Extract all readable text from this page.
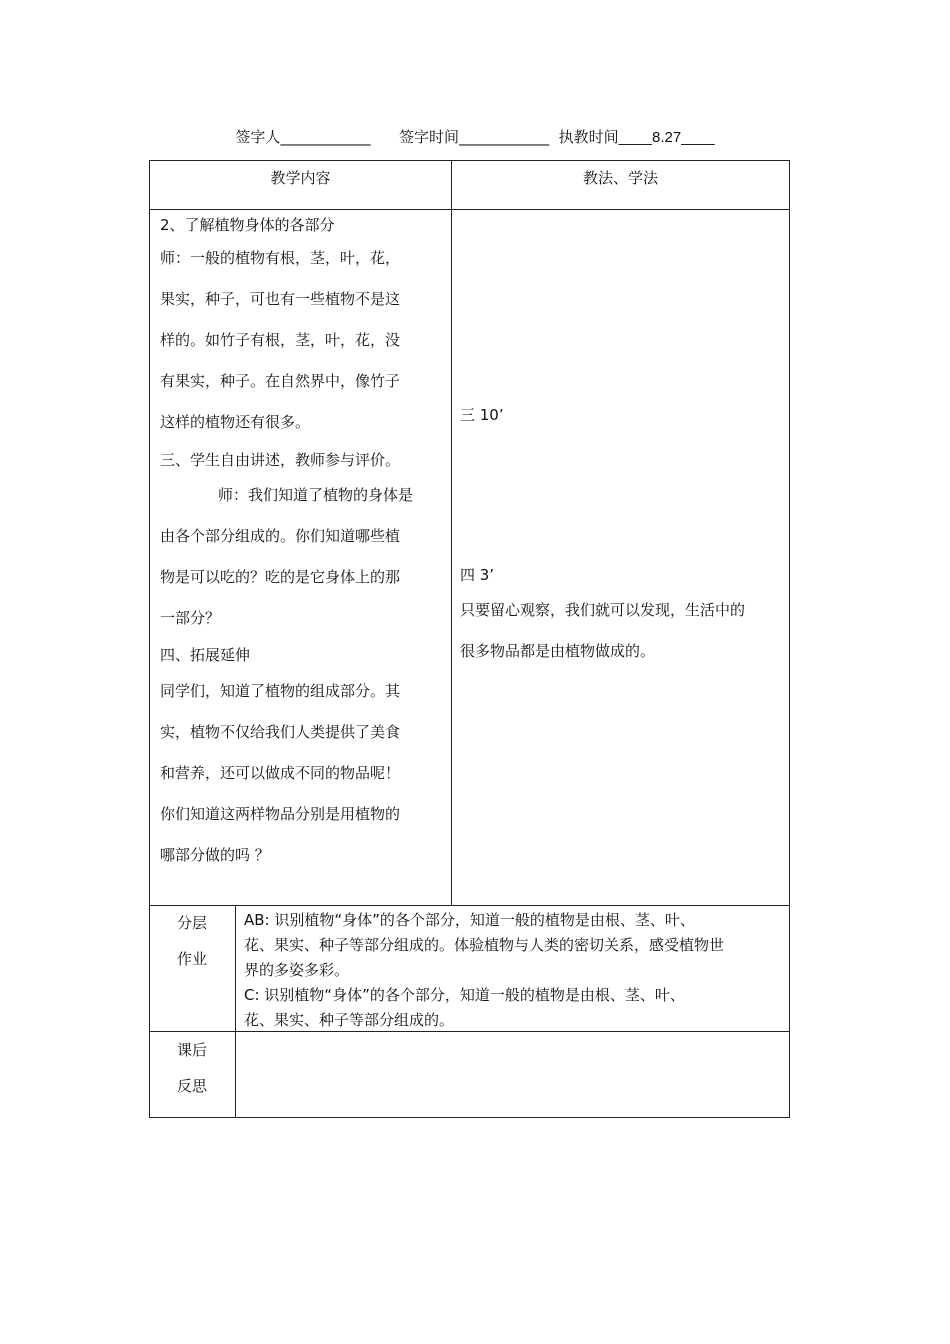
签字人____________ 签字时间____________ 执教时间____8.27____
教学内容	教法、学法
2、了解植物身体的各部分
师：一般的植物有根，茎，叶，花，
果实，种子，可也有一些植物不是这
样的。如竹子有根，茎，叶，花，没
有果实，种子。在自然界中，像竹子
这样的植物还有很多。
三、学生自由讲述，教师参与评价。
师：我们知道了植物的身体是
由各个部分组成的。你们知道哪些植
物是可以吃的？吃的是它身体上的那
一部分？
四、拓展延伸
同学们，知道了植物的组成部分。其
实，植物不仅给我们人类提供了美食
和营养，还可以做成不同的物品呢！
你们知道这两样物品分别是用植物的
哪部分做的吗 ？
三 10’
四 3’
只要留心观察，我们就可以发现，生活中的
很多物品都是由植物做成的。
分层
作业
AB: 识别植物“身体”的各个部分，知道一般的植物是由根、茎、叶、
花、果实、种子等部分组成的。体验植物与人类的密切关系，感受植物世
界的多姿多彩。
C: 识别植物“身体”的各个部分，知道一般的植物是由根、茎、叶、
花、果实、种子等部分组成的。
课后
反思
